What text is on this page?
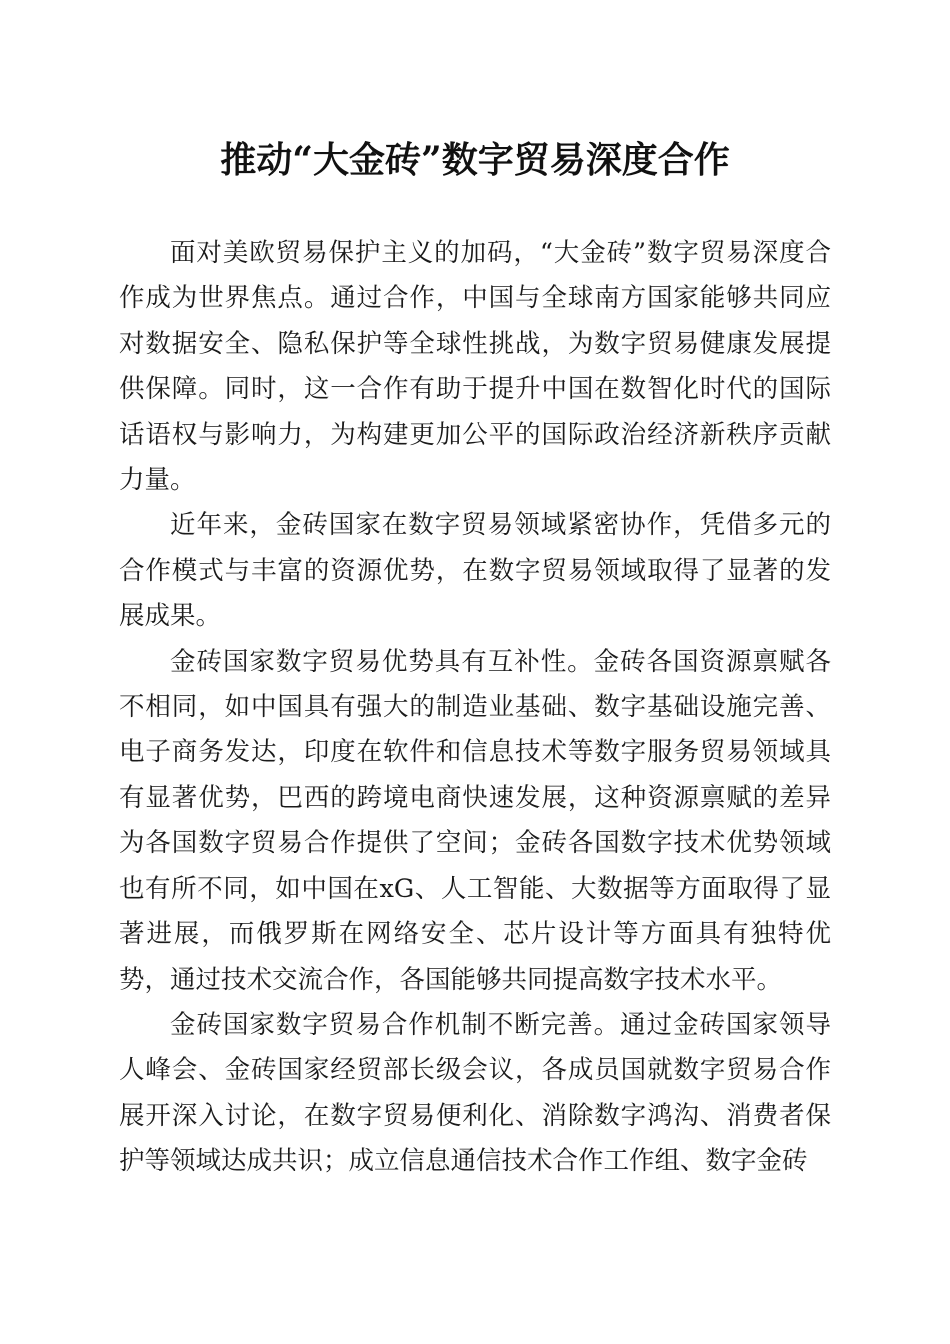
推动“大金砖”数字贸易深度合作

面对美欧贸易保护主义的加码，“大金砖”数字贸易深度合作成为世界焦点。通过合作，中国与全球南方国家能够共同应对数据安全、隐私保护等全球性挑战，为数字贸易健康发展提供保障。同时，这一合作有助于提升中国在数智化时代的国际话语权与影响力，为构建更加公平的国际政治经济新秩序贡献力量。

近年来，金砖国家在数字贸易领域紧密协作，凭借多元的合作模式与丰富的资源优势，在数字贸易领域取得了显著的发展成果。

金砖国家数字贸易优势具有互补性。金砖各国资源禀赋各不相同，如中国具有强大的制造业基础、数字基础设施完善、电子商务发达，印度在软件和信息技术等数字服务贸易领域具有显著优势，巴西的跨境电商快速发展，这种资源禀赋的差异为各国数字贸易合作提供了空间；金砖各国数字技术优势领域也有所不同，如中国在xG、人工智能、大数据等方面取得了显著进展，而俄罗斯在网络安全、芯片设计等方面具有独特优势，通过技术交流合作，各国能够共同提高数字技术水平。

金砖国家数字贸易合作机制不断完善。通过金砖国家领导人峰会、金砖国家经贸部长级会议，各成员国就数字贸易合作展开深入讨论，在数字贸易便利化、消除数字鸿沟、消费者保护等领域达成共识；成立信息通信技术合作工作组、数字金砖
